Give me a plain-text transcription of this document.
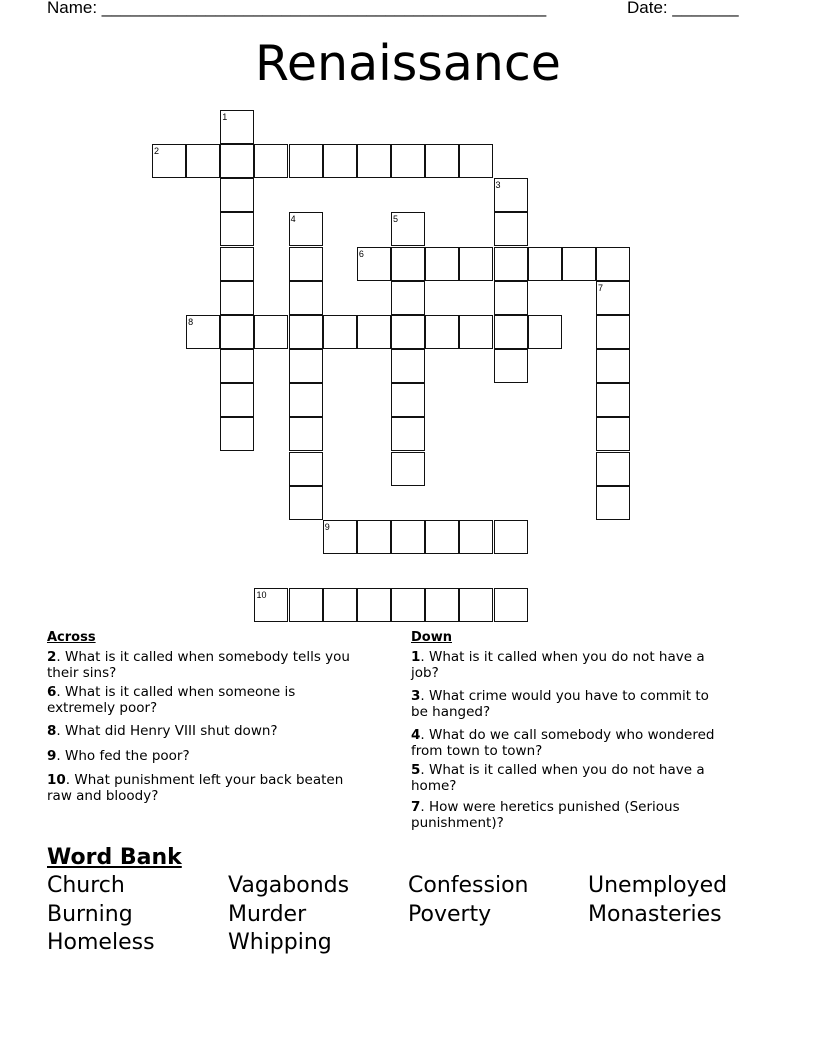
Name: _______________________________________________	Date: _______
Renaissance
1
2
3
4	5
6
7
8
9
10
Across	Down
2. What is it called when somebody tells you
their sins?
6. What is it called when someone is
extremely poor?
8. What did Henry VIII shut down?
9. Who fed the poor?
10. What punishment left your back beaten
raw and bloody?
1. What is it called when you do not have a
job?
3. What crime would you have to commit to
be hanged?
4. What do we call somebody who wondered
from town to town?
5. What is it called when you do not have a
home?
7. How were heretics punished (Serious
punishment)?
Word Bank
Church	Vagabonds	Confession	Unemployed
Burning	Murder	Poverty	Monasteries
Homeless	Whipping
